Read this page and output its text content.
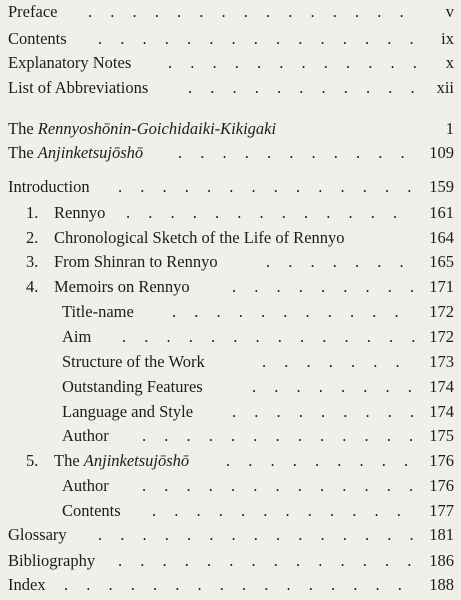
Preface . . .	v
Contents . . .	ix
Explanatory Notes . . .	x
List of Abbreviations . . .	xii
The Rennyoshōnin-Goichidaiki-Kikigaki	1
The Anjinketsujōshō . . .	109
Introduction . . .	159
1. Rennyo . . .	161
2. Chronological Sketch of the Life of Rennyo	164
3. From Shinran to Rennyo . . .	165
4. Memoirs on Rennyo . . .	171
Title-name . . .	172
Aim . . .	172
Structure of the Work . . .	173
Outstanding Features . . .	174
Language and Style . . .	174
Author . . .	175
5. The Anjinketsujōshō . . .	176
Author . . .	176
Contents . . .	177
Glossary . . .	181
Bibliography . . .	186
Index . . .	188
